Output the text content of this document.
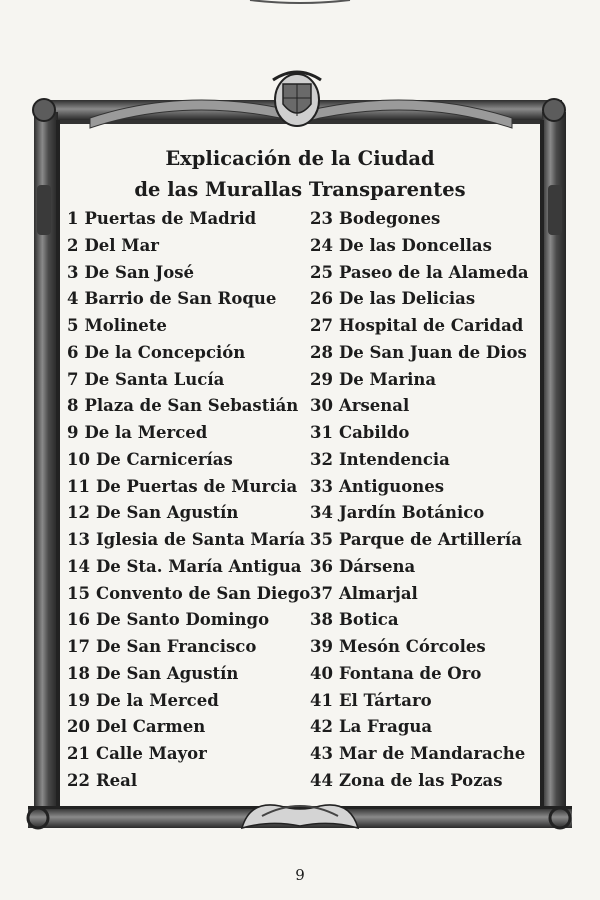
Explicación de la Ciudad
de las Murallas Transparentes
1 Puertas de Madrid
2 Del Mar
3 De San José
4 Barrio de San Roque
5 Molinete
6 De la Concepción
7 De Santa Lucía
8 Plaza de San Sebastián
9 De la Merced
10 De Carnicerías
11 De Puertas de Murcia
12 De San Agustín
13 Iglesia de Santa María
14 De Sta. María Antigua
15 Convento de San Diego
16 De Santo Domingo
17 De San Francisco
18 De San Agustín
19 De la Merced
20 Del Carmen
21 Calle Mayor
22 Real
23 Bodegones
24 De las Doncellas
25 Paseo de la Alameda
26 De las Delicias
27 Hospital de Caridad
28 De San Juan de Dios
29 De Marina
30 Arsenal
31 Cabildo
32 Intendencia
33 Antiguones
34 Jardín Botánico
35 Parque de Artillería
36 Dársena
37 Almarjal
38 Botica
39 Mesón Córcoles
40 Fontana de Oro
41 El Tártaro
42 La Fragua
43 Mar de Mandarache
44 Zona de las Pozas
9
